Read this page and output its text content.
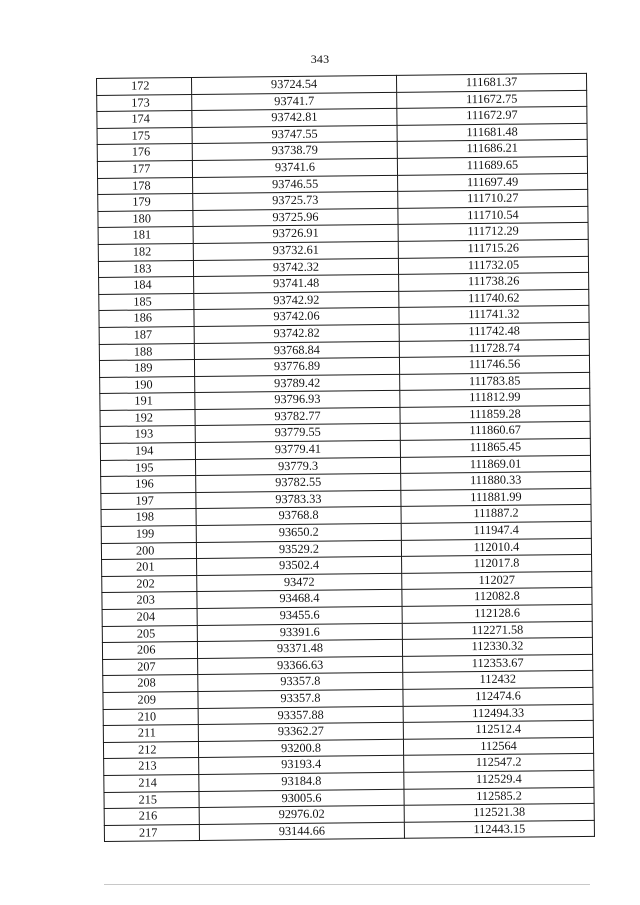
343
172	93724.54	111681.37
173	93741.7	111672.75
174	93742.81	111672.97
175	93747.55	111681.48
176	93738.79	111686.21
177	93741.6	111689.65
178	93746.55	111697.49
179	93725.73	111710.27
180	93725.96	111710.54
181	93726.91	111712.29
182	93732.61	111715.26
183	93742.32	111732.05
184	93741.48	111738.26
185	93742.92	111740.62
186	93742.06	111741.32
187	93742.82	111742.48
188	93768.84	111728.74
189	93776.89	111746.56
190	93789.42	111783.85
191	93796.93	111812.99
192	93782.77	111859.28
193	93779.55	111860.67
194	93779.41	111865.45
195	93779.3	111869.01
196	93782.55	111880.33
197	93783.33	111881.99
198	93768.8	111887.2
199	93650.2	111947.4
200	93529.2	112010.4
201	93502.4	112017.8
202	93472	112027
203	93468.4	112082.8
204	93455.6	112128.6
205	93391.6	112271.58
206	93371.48	112330.32
207	93366.63	112353.67
208	93357.8	112432
209	93357.8	112474.6
210	93357.88	112494.33
211	93362.27	112512.4
212	93200.8	112564
213	93193.4	112547.2
214	93184.8	112529.4
215	93005.6	112585.2
216	92976.02	112521.38
217	93144.66	112443.15
